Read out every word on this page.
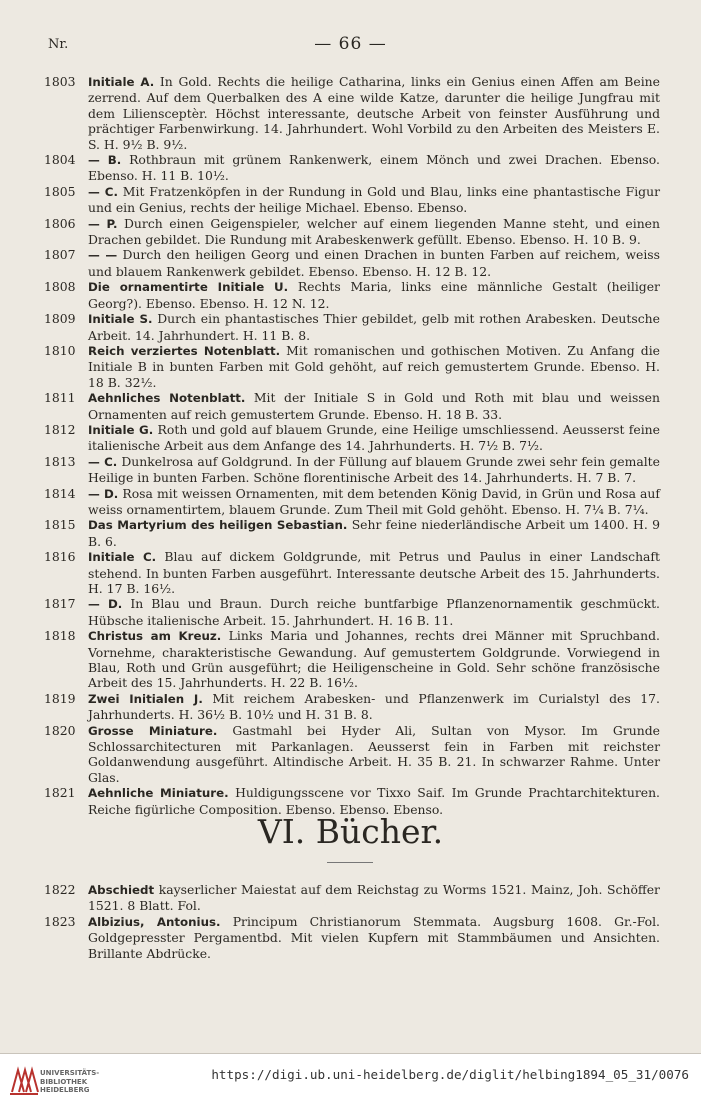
Nr.	— 66 —
1803	Initiale A. In Gold. Rechts die heilige Catharina, links ein Genius einen Affen am Beine zerrend. Auf dem Querbalken des A eine wilde Katze, darunter die heilige Jungfrau mit dem Liliensceptèr. Höchst interessante, deutsche Arbeit von feinster Ausführung und prächtiger Farbenwirkung. 14. Jahrhundert. Wohl Vorbild zu den Arbeiten des Meisters E. S. H. 9½ B. 9½.
1804	— B. Rothbraun mit grünem Rankenwerk, einem Mönch und zwei Drachen. Ebenso. Ebenso. H. 11 B. 10½.
1805	— C. Mit Fratzenköpfen in der Rundung in Gold und Blau, links eine phantastische Figur und ein Genius, rechts der heilige Michael. Ebenso. Ebenso.
1806	— P. Durch einen Geigenspieler, welcher auf einem liegenden Manne steht, und einen Drachen gebildet. Die Rundung mit Arabeskenwerk gefüllt. Ebenso. Ebenso. H. 10 B. 9.
1807	— — Durch den heiligen Georg und einen Drachen in bunten Farben auf reichem, weiss und blauem Rankenwerk gebildet. Ebenso. Ebenso. H. 12 B. 12.
1808	Die ornamentirte Initiale U. Rechts Maria, links eine männliche Gestalt (heiliger Georg?). Ebenso. Ebenso. H. 12 N. 12.
1809	Initiale S. Durch ein phantastisches Thier gebildet, gelb mit rothen Arabesken. Deutsche Arbeit. 14. Jahrhundert. H. 11 B. 8.
1810	Reich verziertes Notenblatt. Mit romanischen und gothischen Motiven. Zu Anfang die Initiale B in bunten Farben mit Gold gehöht, auf reich gemustertem Grunde. Ebenso. H. 18 B. 32½.
1811	Aehnliches Notenblatt. Mit der Initiale S in Gold und Roth mit blau und weissen Ornamenten auf reich gemustertem Grunde. Ebenso. H. 18 B. 33.
1812	Initiale G. Roth und gold auf blauem Grunde, eine Heilige umschliessend. Aeusserst feine italienische Arbeit aus dem Anfange des 14. Jahrhunderts. H. 7½ B. 7½.
1813	— C. Dunkelrosa auf Goldgrund. In der Füllung auf blauem Grunde zwei sehr fein gemalte Heilige in bunten Farben. Schöne florentinische Arbeit des 14. Jahrhunderts. H. 7 B. 7.
1814	— D. Rosa mit weissen Ornamenten, mit dem betenden König David, in Grün und Rosa auf weiss ornamentirtem, blauem Grunde. Zum Theil mit Gold gehöht. Ebenso. H. 7¼ B. 7¼.
1815	Das Martyrium des heiligen Sebastian. Sehr feine niederländische Arbeit um 1400. H. 9 B. 6.
1816	Initiale C. Blau auf dickem Goldgrunde, mit Petrus und Paulus in einer Landschaft stehend. In bunten Farben ausgeführt. Interessante deutsche Arbeit des 15. Jahrhunderts. H. 17 B. 16½.
1817	— D. In Blau und Braun. Durch reiche buntfarbige Pflanzenornamentik geschmückt. Hübsche italienische Arbeit. 15. Jahrhundert. H. 16 B. 11.
1818	Christus am Kreuz. Links Maria und Johannes, rechts drei Männer mit Spruchband. Vornehme, charakteristische Gewandung. Auf gemustertem Goldgrunde. Vorwiegend in Blau, Roth und Grün ausgeführt; die Heiligenscheine in Gold. Sehr schöne französische Arbeit des 15. Jahrhunderts. H. 22 B. 16½.
1819	Zwei Initialen J. Mit reichem Arabesken- und Pflanzenwerk im Curialstyl des 17. Jahrhunderts. H. 36½ B. 10½ und H. 31 B. 8.
1820	Grosse Miniature. Gastmahl bei Hyder Ali, Sultan von Mysor. Im Grunde Schlossarchitecturen mit Parkanlagen. Aeusserst fein in Farben mit reichster Goldanwendung ausgeführt. Altindische Arbeit. H. 35 B. 21. In schwarzer Rahme. Unter Glas.
1821	Aehnliche Miniature. Huldigungsscene vor Tixxo Saif. Im Grunde Prachtarchitekturen. Reiche figürliche Composition. Ebenso. Ebenso. Ebenso.
VI. Bücher.
1822	Abschiedt kayserlicher Maiestat auf dem Reichstag zu Worms 1521. Mainz, Joh. Schöffer 1521. 8 Blatt. Fol.
1823	Albizius, Antonius. Principum Christianorum Stemmata. Augsburg 1608. Gr.-Fol. Goldgepresster Pergamentbd. Mit vielen Kupfern mit Stammbäumen und Ansichten. Brillante Abdrücke.
UNIVERSITÄTS-
BIBLIOTHEK
HEIDELBERG
https://digi.ub.uni-heidelberg.de/diglit/helbing1894_05_31/0076
